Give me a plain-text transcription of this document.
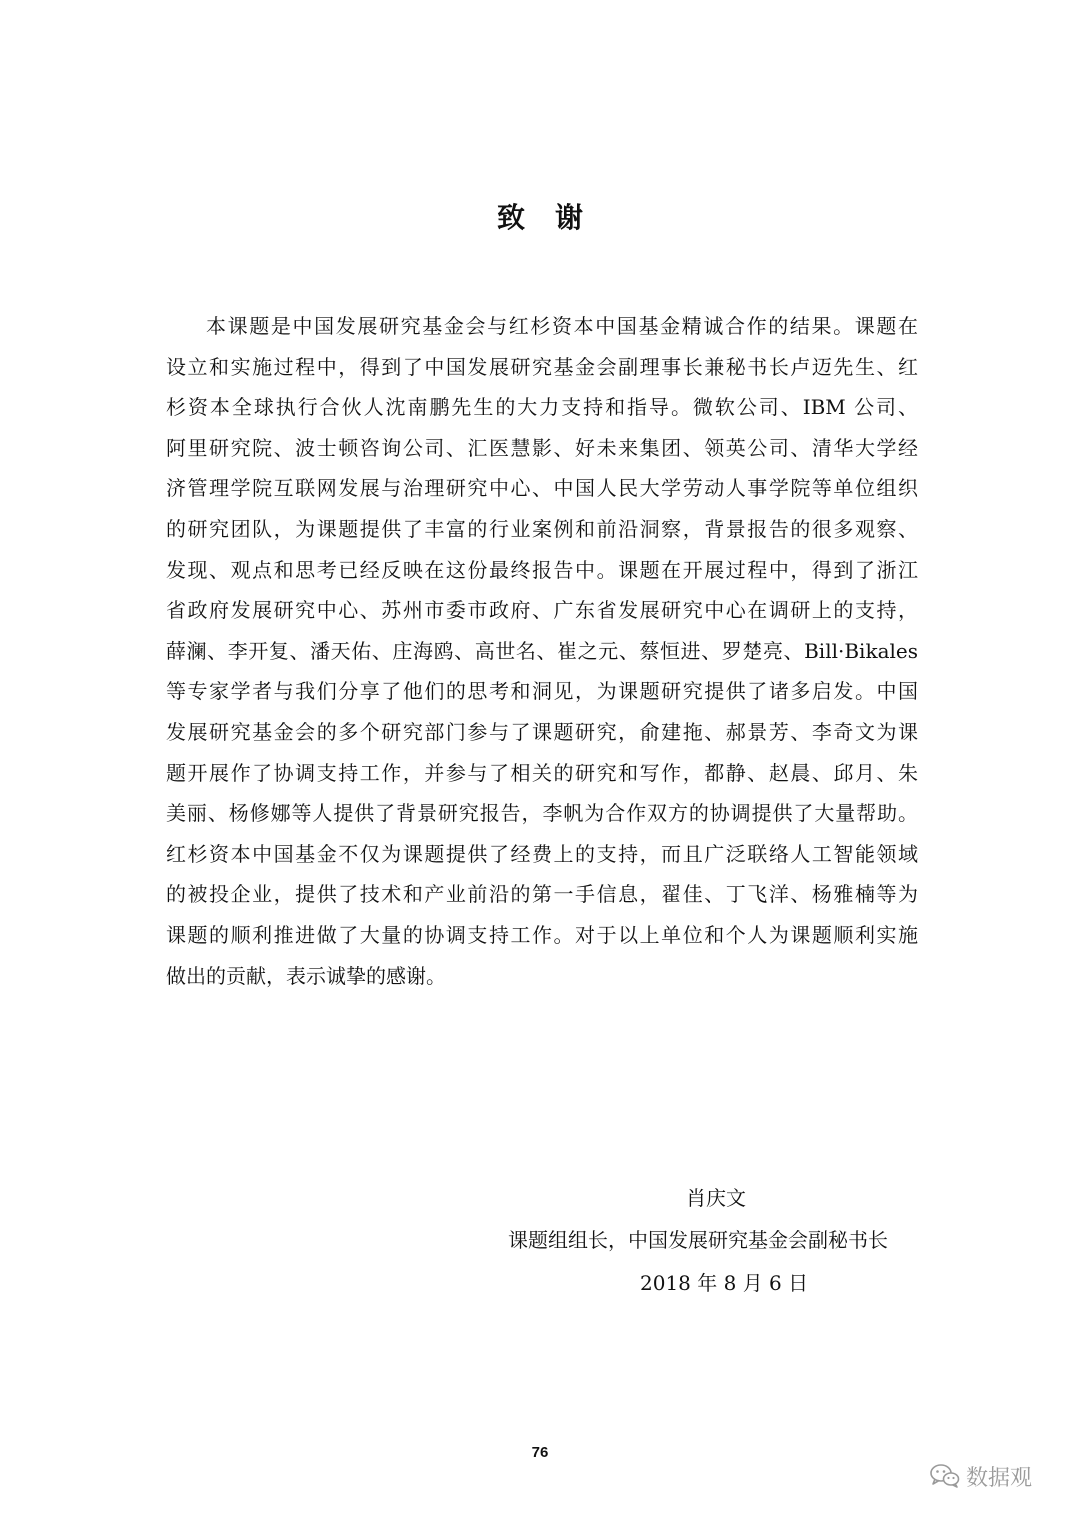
致谢
本课题是中国发展研究基金会与红杉资本中国基金精诚合作的结果。课题在
设立和实施过程中，得到了中国发展研究基金会副理事长兼秘书长卢迈先生、红
杉资本全球执行合伙人沈南鹏先生的大力支持和指导。微软公司、IBM 公司、
阿里研究院、波士顿咨询公司、汇医慧影、好未来集团、领英公司、清华大学经
济管理学院互联网发展与治理研究中心、中国人民大学劳动人事学院等单位组织
的研究团队，为课题提供了丰富的行业案例和前沿洞察，背景报告的很多观察、
发现、观点和思考已经反映在这份最终报告中。课题在开展过程中，得到了浙江
省政府发展研究中心、苏州市委市政府、广东省发展研究中心在调研上的支持，
薛澜、李开复、潘天佑、庄海鸥、高世名、崔之元、蔡恒进、罗楚亮、Bill·Bikales
等专家学者与我们分享了他们的思考和洞见，为课题研究提供了诸多启发。中国
发展研究基金会的多个研究部门参与了课题研究，俞建拖、郝景芳、李奇文为课
题开展作了协调支持工作，并参与了相关的研究和写作，都静、赵晨、邱月、朱
美丽、杨修娜等人提供了背景研究报告，李帆为合作双方的协调提供了大量帮助。
红杉资本中国基金不仅为课题提供了经费上的支持，而且广泛联络人工智能领域
的被投企业，提供了技术和产业前沿的第一手信息，翟佳、丁飞洋、杨雅楠等为
课题的顺利推进做了大量的协调支持工作。对于以上单位和个人为课题顺利实施
做出的贡献，表示诚挚的感谢。
肖庆文
课题组组长，中国发展研究基金会副秘书长
2018 年 8 月 6 日
76
数据观
